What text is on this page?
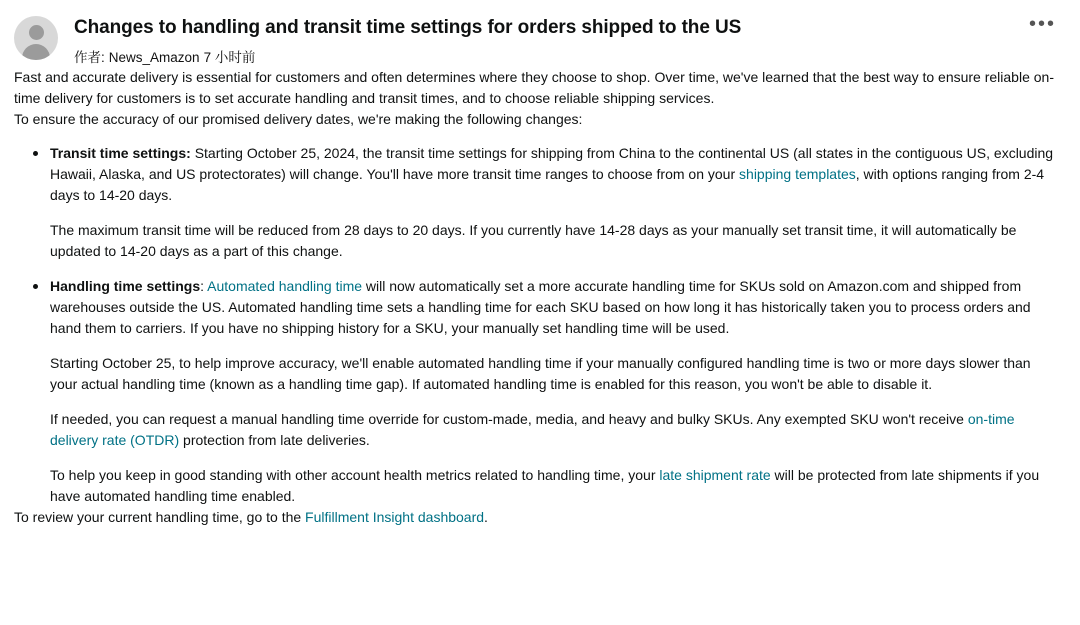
Changes to handling and transit time settings for orders shipped to the US
作者: News_Amazon 7 小时前
•••

Fast and accurate delivery is essential for customers and often determines where they choose to shop. Over time, we've learned that the best way to ensure reliable on-time delivery for customers is to set accurate handling and transit times, and to choose reliable shipping services.

To ensure the accuracy of our promised delivery dates, we're making the following changes:

Transit time settings: Starting October 25, 2024, the transit time settings for shipping from China to the continental US (all states in the contiguous US, excluding Hawaii, Alaska, and US protectorates) will change. You'll have more transit time ranges to choose from on your shipping templates, with options ranging from 2-4 days to 14-20 days.

The maximum transit time will be reduced from 28 days to 20 days. If you currently have 14-28 days as your manually set transit time, it will automatically be updated to 14-20 days as a part of this change.

Handling time settings: Automated handling time will now automatically set a more accurate handling time for SKUs sold on Amazon.com and shipped from warehouses outside the US. Automated handling time sets a handling time for each SKU based on how long it has historically taken you to process orders and hand them to carriers. If you have no shipping history for a SKU, your manually set handling time will be used.

Starting October 25, to help improve accuracy, we'll enable automated handling time if your manually configured handling time is two or more days slower than your actual handling time (known as a handling time gap). If automated handling time is enabled for this reason, you won't be able to disable it.

If needed, you can request a manual handling time override for custom-made, media, and heavy and bulky SKUs. Any exempted SKU won't receive on-time delivery rate (OTDR) protection from late deliveries.

To help you keep in good standing with other account health metrics related to handling time, your late shipment rate will be protected from late shipments if you have automated handling time enabled.

To review your current handling time, go to the Fulfillment Insight dashboard.
